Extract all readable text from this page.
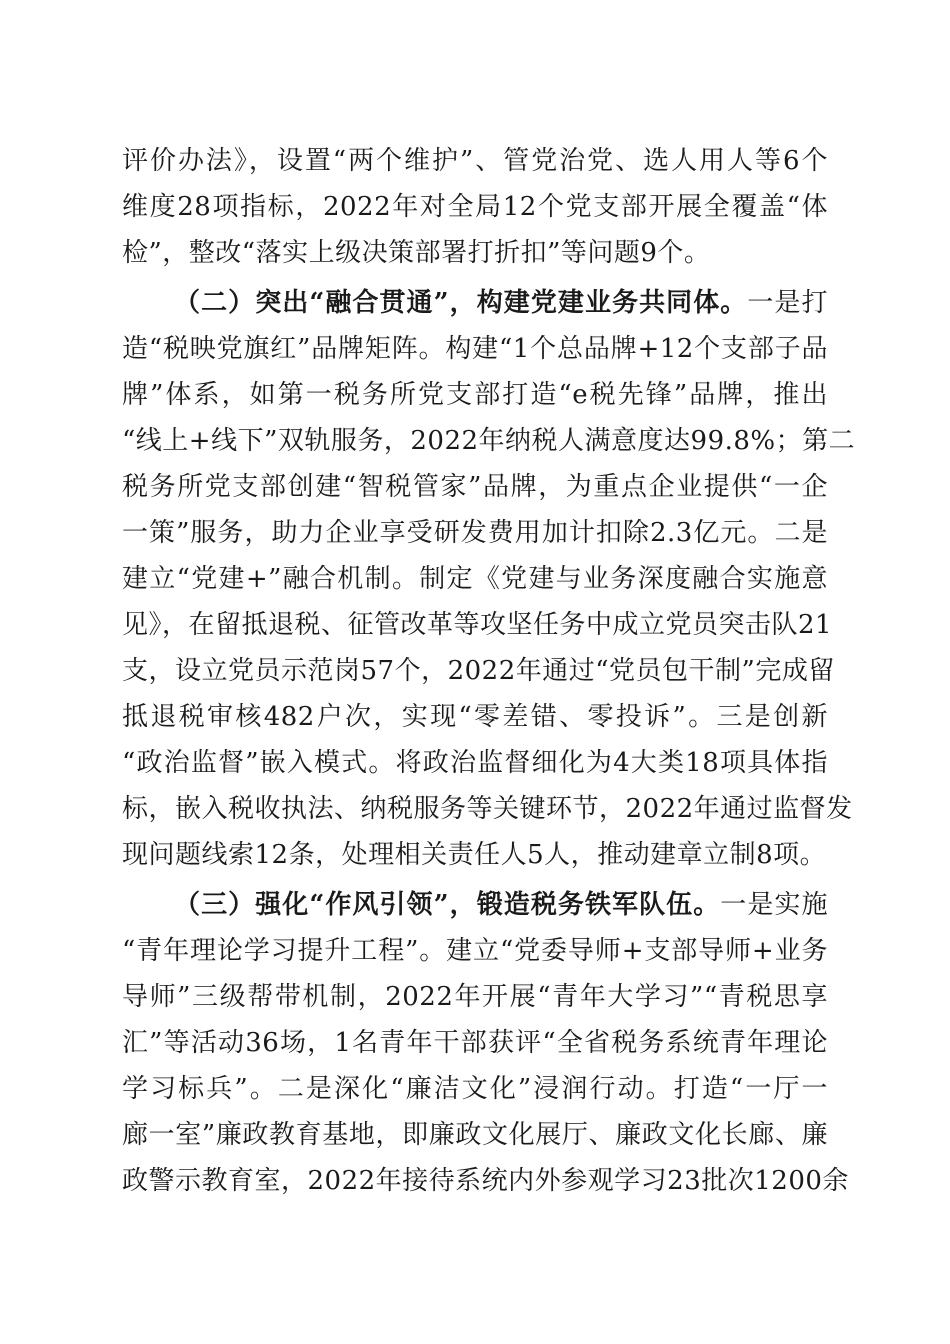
评价办法》，设置“两个维护”、管党治党、选人用人等6个
维度28项指标，2022年对全局12个党支部开展全覆盖“体
检”，整改“落实上级决策部署打折扣”等问题9个。
（二）突出“融合贯通”，构建党建业务共同体。一是打
造“税映党旗红”品牌矩阵。构建“1个总品牌+12个支部子品
牌”体系，如第一税务所党支部打造“e税先锋”品牌，推出
“线上+线下”双轨服务，2022年纳税人满意度达99.8%；第二
税务所党支部创建“智税管家”品牌，为重点企业提供“一企
一策”服务，助力企业享受研发费用加计扣除2.3亿元。二是
建立“党建+”融合机制。制定《党建与业务深度融合实施意
见》，在留抵退税、征管改革等攻坚任务中成立党员突击队21
支，设立党员示范岗57个，2022年通过“党员包干制”完成留
抵退税审核482户次，实现“零差错、零投诉”。三是创新
“政治监督”嵌入模式。将政治监督细化为4大类18项具体指
标，嵌入税收执法、纳税服务等关键环节，2022年通过监督发
现问题线索12条，处理相关责任人5人，推动建章立制8项。
（三）强化“作风引领”，锻造税务铁军队伍。一是实施
“青年理论学习提升工程”。建立“党委导师+支部导师+业务
导师”三级帮带机制，2022年开展“青年大学习”“青税思享
汇”等活动36场，1名青年干部获评“全省税务系统青年理论
学习标兵”。二是深化“廉洁文化”浸润行动。打造“一厅一
廊一室”廉政教育基地，即廉政文化展厅、廉政文化长廊、廉
政警示教育室，2022年接待系统内外参观学习23批次1200余
